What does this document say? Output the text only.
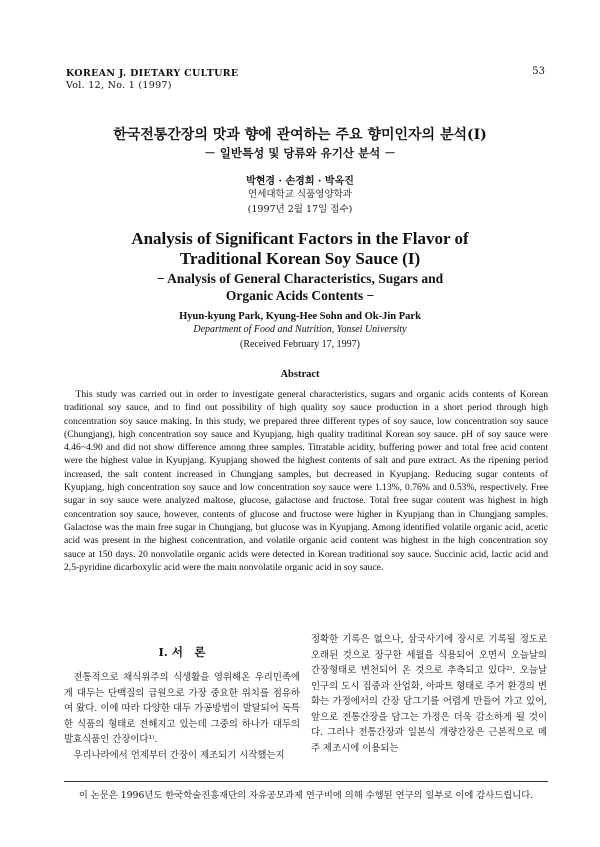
KOREAN J. DIETARY CULTURE
Vol. 12, No. 1 (1997)
53
한국전통간장의 맛과 향에 관여하는 주요 향미인자의 분석(I)
－ 일반특성 및 당류와 유기산 분석 －
박현경 · 손경희 · 박옥진
연세대학교 식품영양학과
(1997년 2월 17일 접수)
Analysis of Significant Factors in the Flavor of
Traditional Korean Soy Sauce (I)
− Analysis of General Characteristics, Sugars and
Organic Acids Contents −
Hyun-kyung Park, Kyung-Hee Sohn and Ok-Jin Park
Department of Food and Nutrition, Yonsei University
(Received February 17, 1997)
Abstract
This study was carried out in order to investigate general characteristics, sugars and organic acids contents of Korean traditional soy sauce, and to find out possibility of high quality soy sauce production in a short period through high concentration soy sauce making. In this study, we prepared three different types of soy sauce, low concentration soy sauce (Chungjang), high concentration soy sauce and Kyupjang, high quality traditinal Korean soy sauce. pH of soy sauce were 4.46~4.90 and did not show difference among three samples. Titratable acidity, buffering power and total free acid content were the highest value in Kyupjang. Kyupjang showed the highest contents of salt and pure extract. As the ripening period increased, the salt content increased in Chungjang samples, but decreased in Kyupjang. Reducing sugar contents of Kyupjang, high concentration soy sauce and low concentration soy sauce were 1.13%, 0.76% and 0.53%, respectively. Free sugar in soy sauce were analyzed maltose, glucose, galactose and fructose. Total free sugar content was highest in high concentration soy sauce, however, contents of glucose and fructose were higher in Kyupjang than in Chungjang samples. Galactose was the main free sugar in Chungjang, but glucose was in Kyupjang. Among identified volatile organic acid, acetic acid was present in the highest concentration, and volatile organic acid content was highest in the high concentration soy sauce at 150 days. 20 nonvolatile organic acids were detected in Korean traditional soy sauce. Succinic acid, lactic acid and 2,5-pyridine dicarboxylic acid were the main nonvolatile organic acid in soy sauce.
I. 서　론

전통적으로 채식위주의 식생활을 영위해온 우리민족에게 대두는 단백질의 급원으로 가장 중요한 위치를 점유하여 왔다. 이에 따라 다양한 대두 가공방법이 발달되어 독특한 식품의 형태로 전해지고 있는데 그중의 하나가 대두의 발효식품인 간장이다¹⁾.

우리나라에서 언제부터 간장이 제조되기 시작했는지

정확한 기록은 없으나, 삼국사기에 장시로 기록될 정도로 오래된 것으로 장구한 세월을 식용되어 오면서 오늘날의 간장형태로 변천되어 온 것으로 추측되고 있다²⁾. 오늘날 인구의 도시 집중과 산업화, 아파트 형태로 주거 환경의 변화는 가정에서의 간장 담그기를 어렵게 만들어 가고 있어, 앞으로 전통간장을 담그는 가정은 더욱 감소하게 될 것이다. 그러나 전통간장과 일본식 개량간장은 근본적으로 메주 제조시에 이용되는

이 논문은 1996년도 한국학술진흥재단의 자유공모과제 연구비에 의해 수행된 연구의 일부로 이에 감사드립니다.
